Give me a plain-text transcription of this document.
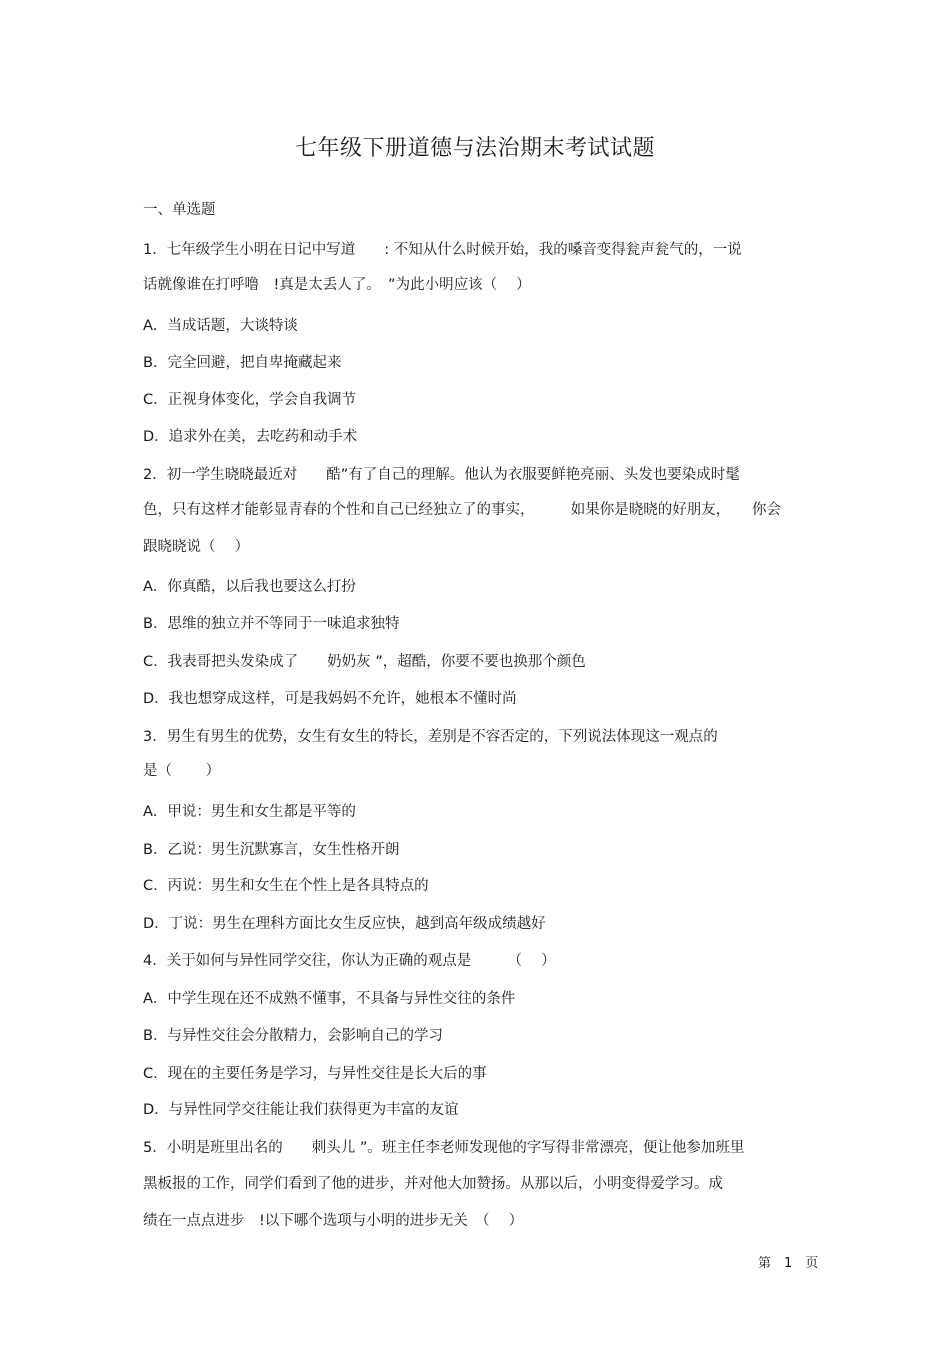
七年级下册道德与法治期末考试试题
一、单选题
1．七年级学生小明在日记中写道　　: 不知从什么时候开始，我的嗓音变得瓮声瓮气的，一说
话就像谁在打呼噜　!真是太丢人了。　”为此小明应该（　 ）
A．当成话题，大谈特谈
B．完全回避，把自卑掩藏起来
C．正视身体变化，学会自我调节
D．追求外在美，去吃药和动手术
2．初一学生晓晓最近对　　酷”有了自己的理解。他认为衣服要鲜艳亮丽、头发也要染成时髦
色，只有这样才能彰显青春的个性和自己已经独立了的事实，　　　如果你是晓晓的好朋友，　　你会
跟晓晓说（　 ）
A．你真酷，以后我也要这么打扮
B．思维的独立并不等同于一味追求独特
C．我表哥把头发染成了　　奶奶灰 ”，超酷，你要不要也换那个颜色
D．我也想穿成这样，可是我妈妈不允许，她根本不懂时尚
3．男生有男生的优势，女生有女生的特长，差别是不容否定的，下列说法体现这一观点的
是（　　 ）
A．甲说：男生和女生都是平等的
B．乙说：男生沉默寡言，女生性格开朗
C．丙说：男生和女生在个性上是各具特点的
D．丁说：男生在理科方面比女生反应快，越到高年级成绩越好
4．关于如何与异性同学交往，你认为正确的观点是　　　（　 ）
A．中学生现在还不成熟不懂事，不具备与异性交往的条件
B．与异性交往会分散精力，会影响自己的学习
C．现在的主要任务是学习，与异性交往是长大后的事
D．与异性同学交往能让我们获得更为丰富的友谊
5．小明是班里出名的　　刺头儿 ”。班主任李老师发现他的字写得非常漂亮，便让他参加班里
黑板报的工作，同学们看到了他的进步，并对他大加赞扬。从那以后，小明变得爱学习。成
绩在一点点进步　!以下哪个选项与小明的进步无关　（　 ）
第　1　页
